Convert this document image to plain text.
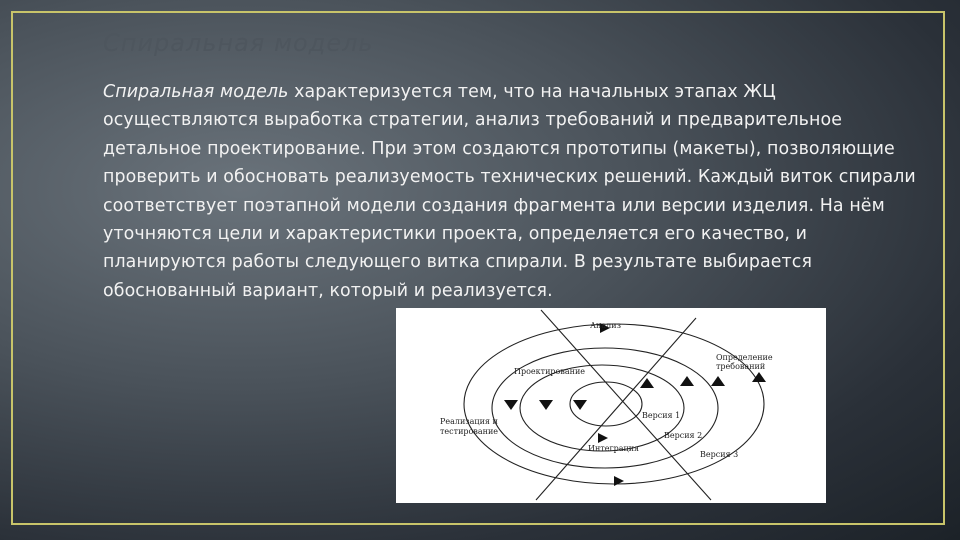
Спиральная модель

Спиральная модель характеризуется тем, что на начальных этапах ЖЦ осуществляются выработка стратегии, анализ требований и предварительное детальное проектирование. При этом создаются прототипы (макеты), позволяющие проверить и обосновать реализуемость технических решений. Каждый виток спирали соответствует поэтапной модели создания фрагмента или версии изделия. На нём уточняются цели и характеристики проекта, определяется его качество, и планируются работы следующего витка спирали. В результате выбирается обоснованный вариант, который и реализуется.

Анализ
Определение
требований
Проектирование
Реализация и
тестирование
Интеграция
Версия 1
Версия 2
Версия 3
